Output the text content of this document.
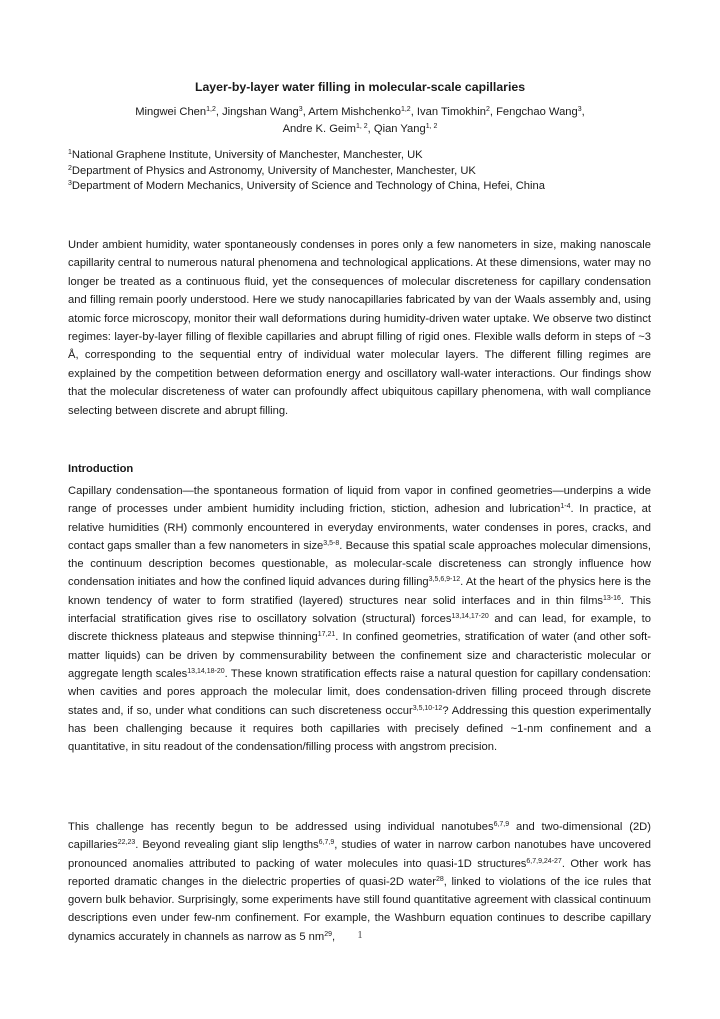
Layer-by-layer water filling in molecular-scale capillaries
Mingwei Chen$^{1,2}$, Jingshan Wang$^3$, Artem Mishchenko$^{1,2}$, Ivan Timokhin$^2$, Fengchao Wang$^3$,
Andre K. Geim$^{1, 2}$, Qian Yang$^{1, 2}$
$^1$National Graphene Institute, University of Manchester, Manchester, UK
$^2$Department of Physics and Astronomy, University of Manchester, Manchester, UK
$^3$Department of Modern Mechanics, University of Science and Technology of China, Hefei, China
Under ambient humidity, water spontaneously condenses in pores only a few nanometers in size, making nanoscale capillarity central to numerous natural phenomena and technological applications. At these dimensions, water may no longer be treated as a continuous fluid, yet the consequences of molecular discreteness for capillary condensation and filling remain poorly understood. Here we study nanocapillaries fabricated by van der Waals assembly and, using atomic force microscopy, monitor their wall deformations during humidity-driven water uptake. We observe two distinct regimes: layer-by-layer filling of flexible capillaries and abrupt filling of rigid ones. Flexible walls deform in steps of ~3 Å, corresponding to the sequential entry of individual water molecular layers. The different filling regimes are explained by the competition between deformation energy and oscillatory wall-water interactions. Our findings show that the molecular discreteness of water can profoundly affect ubiquitous capillary phenomena, with wall compliance selecting between discrete and abrupt filling.
Introduction
Capillary condensation—the spontaneous formation of liquid from vapor in confined geometries—underpins a wide range of processes under ambient humidity including friction, stiction, adhesion and lubrication$^{1-4}$. In practice, at relative humidities (RH) commonly encountered in everyday environments, water condenses in pores, cracks, and contact gaps smaller than a few nanometers in size$^{3,5-8}$. Because this spatial scale approaches molecular dimensions, the continuum description becomes questionable, as molecular-scale discreteness can strongly influence how condensation initiates and how the confined liquid advances during filling$^{3,5,6,9-12}$. At the heart of the physics here is the known tendency of water to form stratified (layered) structures near solid interfaces and in thin films$^{13-16}$. This interfacial stratification gives rise to oscillatory solvation (structural) forces$^{13,14,17-20}$ and can lead, for example, to discrete thickness plateaus and stepwise thinning$^{17,21}$. In confined geometries, stratification of water (and other soft-matter liquids) can be driven by commensurability between the confinement size and characteristic molecular or aggregate length scales$^{13,14,18-20}$. These known stratification effects raise a natural question for capillary condensation: when cavities and pores approach the molecular limit, does condensation-driven filling proceed through discrete states and, if so, under what conditions can such discreteness occur$^{3,5,10-12}$? Addressing this question experimentally has been challenging because it requires both capillaries with precisely defined ~1-nm confinement and a quantitative, in situ readout of the condensation/filling process with angstrom precision.
This challenge has recently begun to be addressed using individual nanotubes$^{6,7,9}$ and two-dimensional (2D) capillaries$^{22,23}$. Beyond revealing giant slip lengths$^{6,7,9}$, studies of water in narrow carbon nanotubes have uncovered pronounced anomalies attributed to packing of water molecules into quasi-1D structures$^{6,7,9,24-27}$. Other work has reported dramatic changes in the dielectric properties of quasi-2D water$^{28}$, linked to violations of the ice rules that govern bulk behavior. Surprisingly, some experiments have still found quantitative agreement with classical continuum descriptions even under few-nm confinement. For example, the Washburn equation continues to describe capillary dynamics accurately in channels as narrow as 5 $nm^{29}$,	1
